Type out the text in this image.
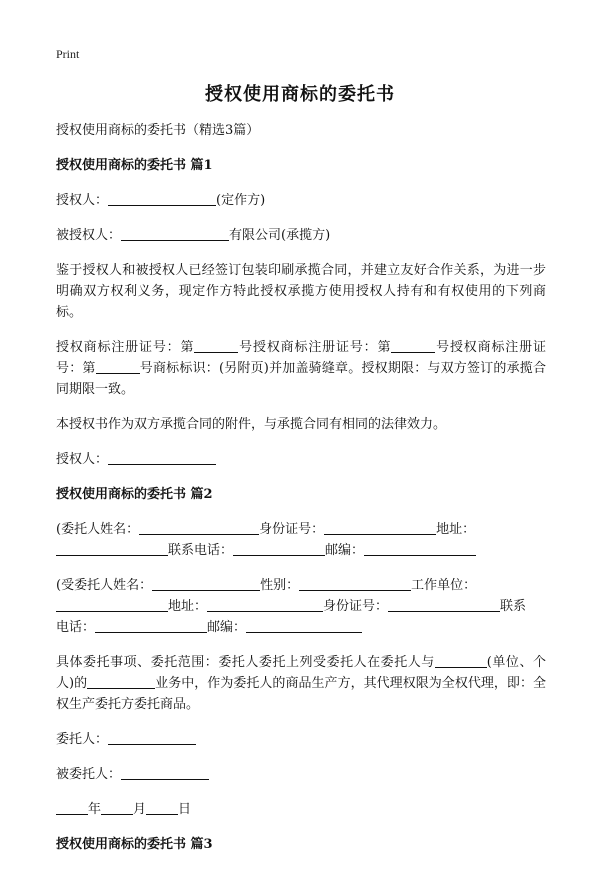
Print
授权使用商标的委托书

授权使用商标的委托书（精选3篇）

授权使用商标的委托书 篇1

授权人：	(定作方)

被授权人：	有限公司(承揽方)

鉴于授权人和被授权人已经签订包装印刷承揽合同，并建立友好合作关系，为进一步明确双方权利义务，现定作方特此授权承揽方使用授权人持有和有权使用的下列商标。

授权商标注册证号：第	号授权商标注册证号：第	号授权商标注册证号：第	号商标标识：(另附页)并加盖骑缝章。授权期限：与双方签订的承揽合同期限一致。

本授权书作为双方承揽合同的附件，与承揽合同有相同的法律效力。

授权人：

授权使用商标的委托书 篇2

(委托人姓名：	身份证号：	地址：
联系电话：	邮编：

(受委托人姓名：	性别：	工作单位：
地址：	身份证号：	联系
电话：	邮编：

具体委托事项、委托范围：委托人委托上列受委托人在委托人与	(单位、个人)的	业务中，作为委托人的商品生产方，其代理权限为全权代理，即：全权生产委托方委托商品。

委托人：

被委托人：

年 月 日

授权使用商标的委托书 篇3
